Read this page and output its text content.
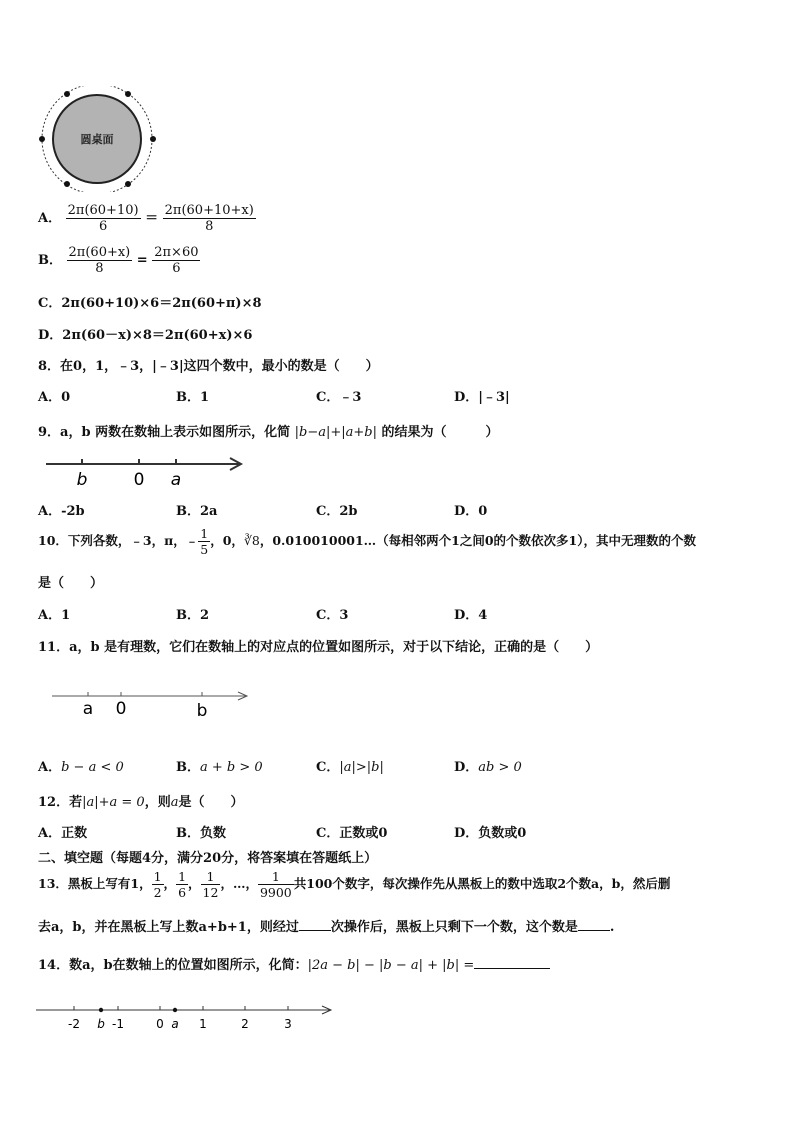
圆桌面
A． $\frac{2\pi(60+10)}{6} = \frac{2\pi(60+10+x)}{8}$
B． $\frac{2\pi(60+x)}{8} = \frac{2\pi\times 60}{6}$
C．2π(60+10)×6＝2π(60+π)×8
D．2π(60－x)×8＝2π(60+x)×6
8．在0，1，﹣3，|﹣3|这四个数中，最小的数是（　　）
A．0	B．1	C．﹣3	D．|﹣3|
9．a，b 两数在数轴上表示如图所示，化简 |b−a|+|a+b| 的结果为（　　　）
b	0 a
A．-2b	B．2a	C．2b	D．0
10．下列各数，﹣3，π，﹣ $\frac{1}{5}$ ，0，∛8，0.010010001…（每相邻两个1之间0的个数依次多1），其中无理数的个数
是（　　）
A．1	B．2	C．3	D．4
11．a，b 是有理数，它们在数轴上的对应点的位置如图所示，对于以下结论，正确的是（　　）
a 0	b
A．b − a < 0	B．a + b > 0	C．|a|>|b|	D．ab > 0
12．若|a|+a = 0，则a是（　　）
A．正数	B．负数	C．正数或0	D．负数或0
二、填空题（每题4分，满分20分，将答案填在答题纸上）
13．黑板上写有1， $\frac{1}{2}$ ， $\frac{1}{6}$ ， $\frac{1}{12}$ ，…， $\frac{1}{9900}$ 共100个数字，每次操作先从黑板上的数中选取2个数a，b，然后删
去a，b，并在黑板上写上数a+b+1，则经过 次操作后，黑板上只剩下一个数，这个数是 .
14．数a，b在数轴上的位置如图所示，化简：|2a − b| − |b − a| + |b| =
-2 b -1	0 a 1	2	3
